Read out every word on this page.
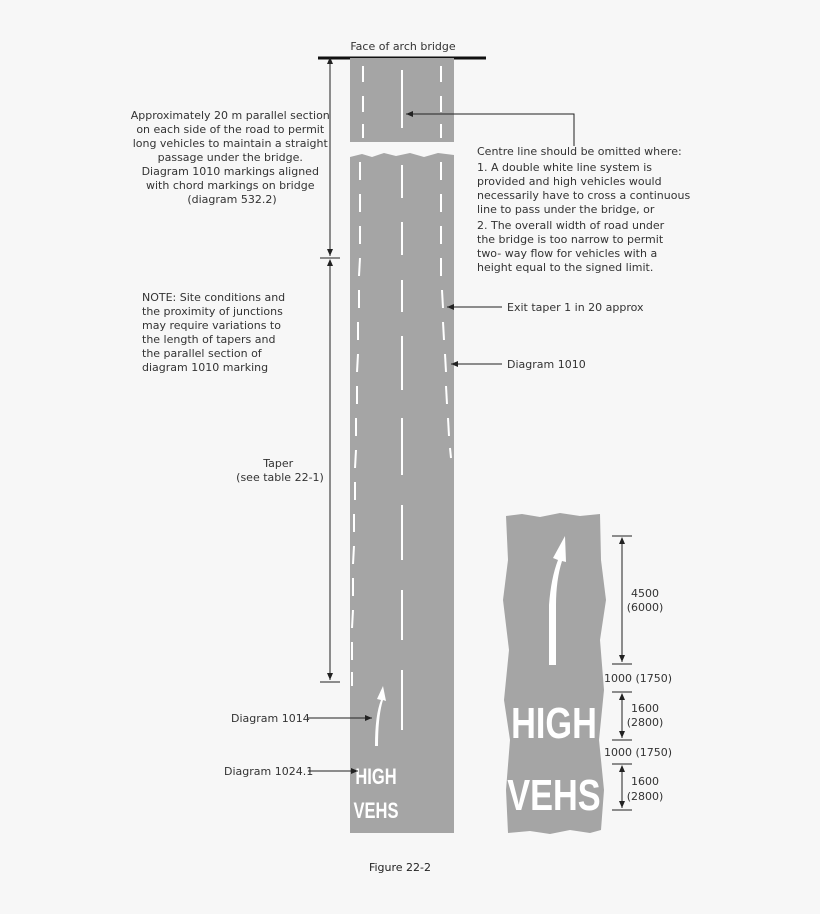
Face of arch bridge
HIGH
VEHS
Approximately 20 m parallel section on each side of the road to permit long vehicles to maintain a straight passage under the bridge. Diagram 1010 markings aligned with chord markings on bridge (diagram 532.2)
NOTE: Site conditions and the proximity of junctions may require variations to the length of tapers and the parallel section of diagram 1010 marking
Taper (see table 22-1)
Diagram 1014
Diagram 1024.1
Centre line should be omitted where: 1. A double white line system is provided and high vehicles would necessarily have to cross a continuous line to pass under the bridge, or 2. The overall width of road under the bridge is too narrow to permit two- way flow for vehicles with a height equal to the signed limit.
Exit taper 1 in 20 approx
Diagram 1010
HIGH
VEHS
4500
(6000)
1000 (1750)
1600
(2800)
1000 (1750)
1600
(2800)
Figure 22-2
